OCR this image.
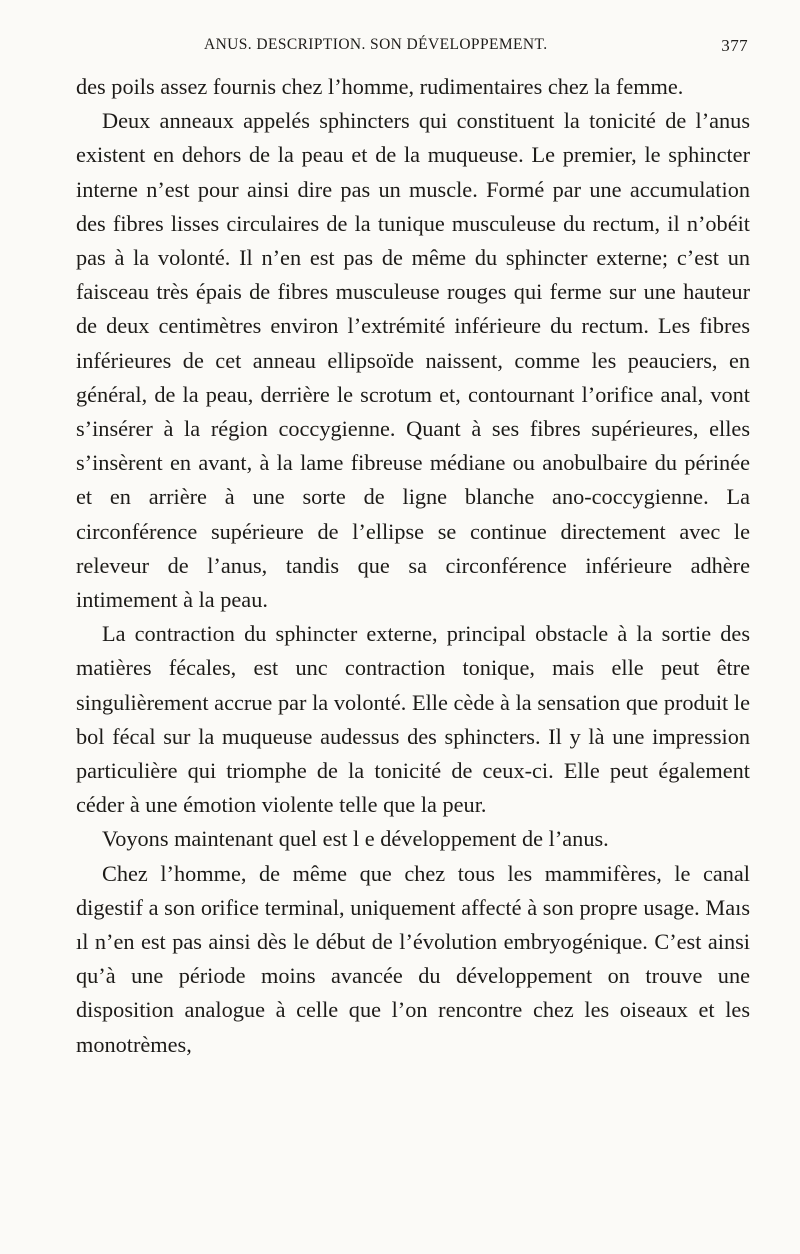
ANUS. DESCRIPTION. SON DÉVELOPPEMENT.	377

des poils assez fournis chez l’homme, rudimentaires chez la femme.

Deux anneaux appelés sphincters qui constituent la tonicité de l’anus existent en dehors de la peau et de la muqueuse. Le premier, le sphincter interne n’est pour ainsi dire pas un muscle. Formé par une accumulation des fibres lisses circulaires de la tunique musculeuse du rectum, il n’obéit pas à la volonté. Il n’en est pas de même du sphincter externe; c’est un faisceau très épais de fibres musculeuse rouges qui ferme sur une hauteur de deux centimètres environ l’extrémité inférieure du rectum. Les fibres inférieures de cet anneau ellipsoïde naissent, comme les peauciers, en général, de la peau, derrière le scrotum et, contournant l’orifice anal, vont s’insérer à la région coccygienne. Quant à ses fibres supérieures, elles s’insèrent en avant, à la lame fibreuse médiane ou anobulbaire du périnée et en arrière à une sorte de ligne blanche ano-coccygienne. La circonférence supérieure de l’ellipse se continue directement avec le releveur de l’anus, tandis que sa circonférence inférieure adhère intimement à la peau.

La contraction du sphincter externe, principal obstacle à la sortie des matières fécales, est unc contraction tonique, mais elle peut être singulièrement accrue par la volonté. Elle cède à la sensation que produit le bol fécal sur la muqueuse audessus des sphincters. Il y là une impression particulière qui triomphe de la tonicité de ceux-ci. Elle peut également céder à une émotion violente telle que la peur.

Voyons maintenant quel est l e développement de l’anus.

Chez l’homme, de même que chez tous les mammifères, le canal digestif a son orifice terminal, uniquement affecté à son propre usage. Maıs ıl n’en est pas ainsi dès le début de l’évolution embryogénique. C’est ainsi qu’à une période moins avancée du développement on trouve une disposition analogue à celle que l’on rencontre chez les oiseaux et les monotrèmes,
